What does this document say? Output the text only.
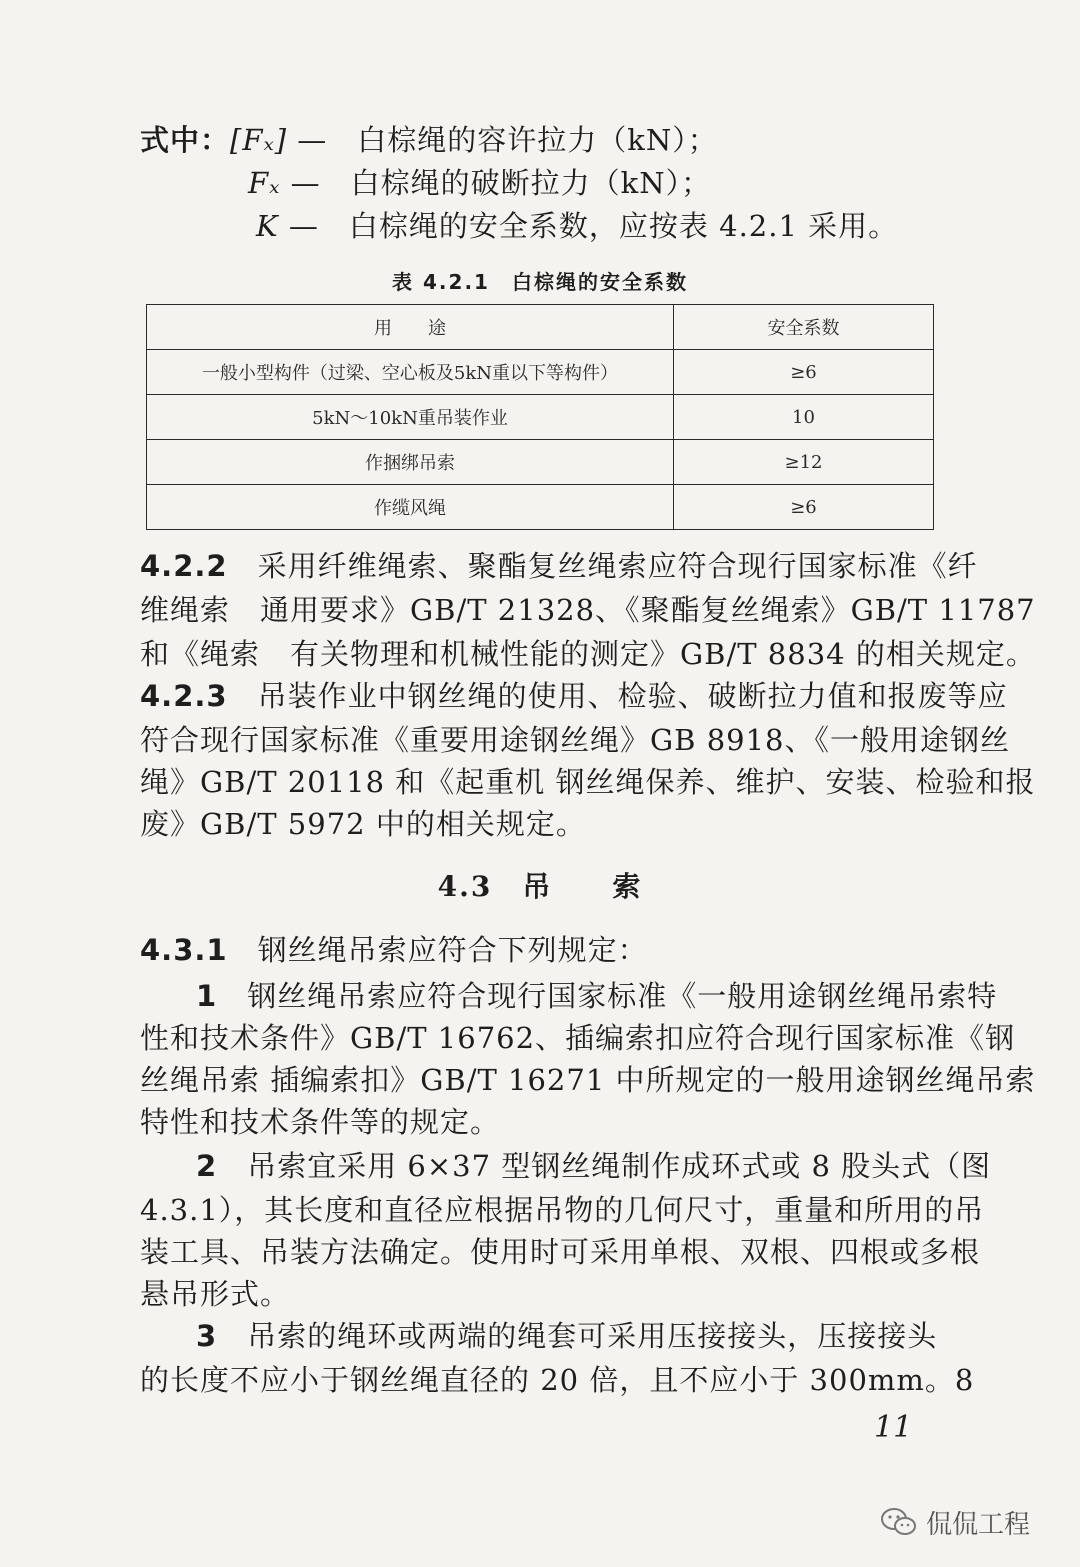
式中：[Fₓ] —　 白棕绳的容许拉力（kN）；
Fₓ —　 白棕绳的破断拉力（kN）；
K —　 白棕绳的安全系数，应按表 4.2.1 采用。
表 4.2.1　白棕绳的安全系数
用　　途	安全系数
一般小型构件（过梁、空心板及5kN重以下等构件）	≥6
5kN～10kN重吊装作业	10
作捆绑吊索	≥12
作缆风绳	≥6
4.2.2　 采用纤维绳索、聚酯复丝绳索应符合现行国家标准《纤
维绳索　通用要求》GB/T 21328、《聚酯复丝绳索》GB/T 11787
和《绳索　有关物理和机械性能的测定》GB/T 8834 的相关规定。
4.2.3　 吊装作业中钢丝绳的使用、检验、破断拉力值和报废等应
符合现行国家标准《重要用途钢丝绳》GB 8918、《一般用途钢丝
绳》GB/T 20118 和《起重机 钢丝绳保养、维护、安装、检验和报
废》GB/T 5972 中的相关规定。
4.3　吊　　索
4.3.1　 钢丝绳吊索应符合下列规定：
1　 钢丝绳吊索应符合现行国家标准《一般用途钢丝绳吊索特
性和技术条件》GB/T 16762、插编索扣应符合现行国家标准《钢
丝绳吊索 插编索扣》GB/T 16271 中所规定的一般用途钢丝绳吊索
特性和技术条件等的规定。
2　 吊索宜采用 6×37 型钢丝绳制作成环式或 8 股头式（图
4.3.1），其长度和直径应根据吊物的几何尺寸，重量和所用的吊
装工具、吊装方法确定。使用时可采用单根、双根、四根或多根
悬吊形式。
3　 吊索的绳环或两端的绳套可采用压接接头，压接接头
的长度不应小于钢丝绳直径的 20 倍，且不应小于 300mm。8
11
侃侃工程
